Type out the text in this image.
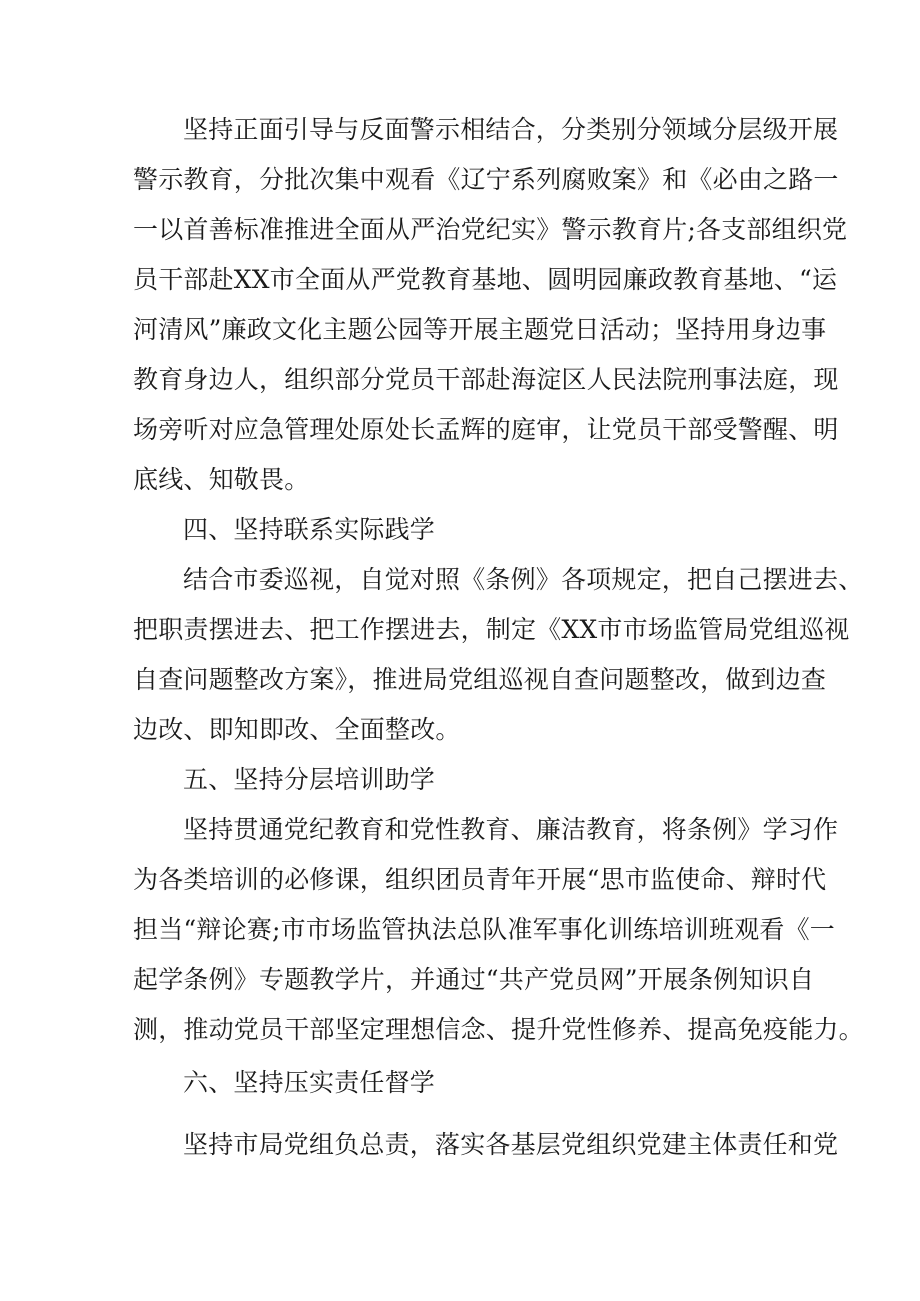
坚持正面引导与反面警示相结合，分类别分领域分层级开展
警示教育，分批次集中观看《辽宁系列腐败案》和《必由之路一
一以首善标准推进全面从严治党纪实》警示教育片;各支部组织党
员干部赴XX市全面从严党教育基地、圆明园廉政教育基地、“运
河清风”廉政文化主题公园等开展主题党日活动；坚持用身边事
教育身边人，组织部分党员干部赴海淀区人民法院刑事法庭，现
场旁听对应急管理处原处长孟辉的庭审，让党员干部受警醒、明
底线、知敬畏。
四、坚持联系实际践学
结合市委巡视，自觉对照《条例》各项规定，把自己摆进去、
把职责摆进去、把工作摆进去，制定《XX市市场监管局党组巡视
自查问题整改方案》，推进局党组巡视自查问题整改，做到边查
边改、即知即改、全面整改。
五、坚持分层培训助学
坚持贯通党纪教育和党性教育、廉洁教育，将条例》学习作
为各类培训的必修课，组织团员青年开展“思市监使命、辩时代
担当“辩论赛;市市场监管执法总队准军事化训练培训班观看《一
起学条例》专题教学片，并通过“共产党员网”开展条例知识自
测，推动党员干部坚定理想信念、提升党性修养、提高免疫能力。
六、坚持压实责任督学
坚持市局党组负总责，落实各基层党组织党建主体责任和党
